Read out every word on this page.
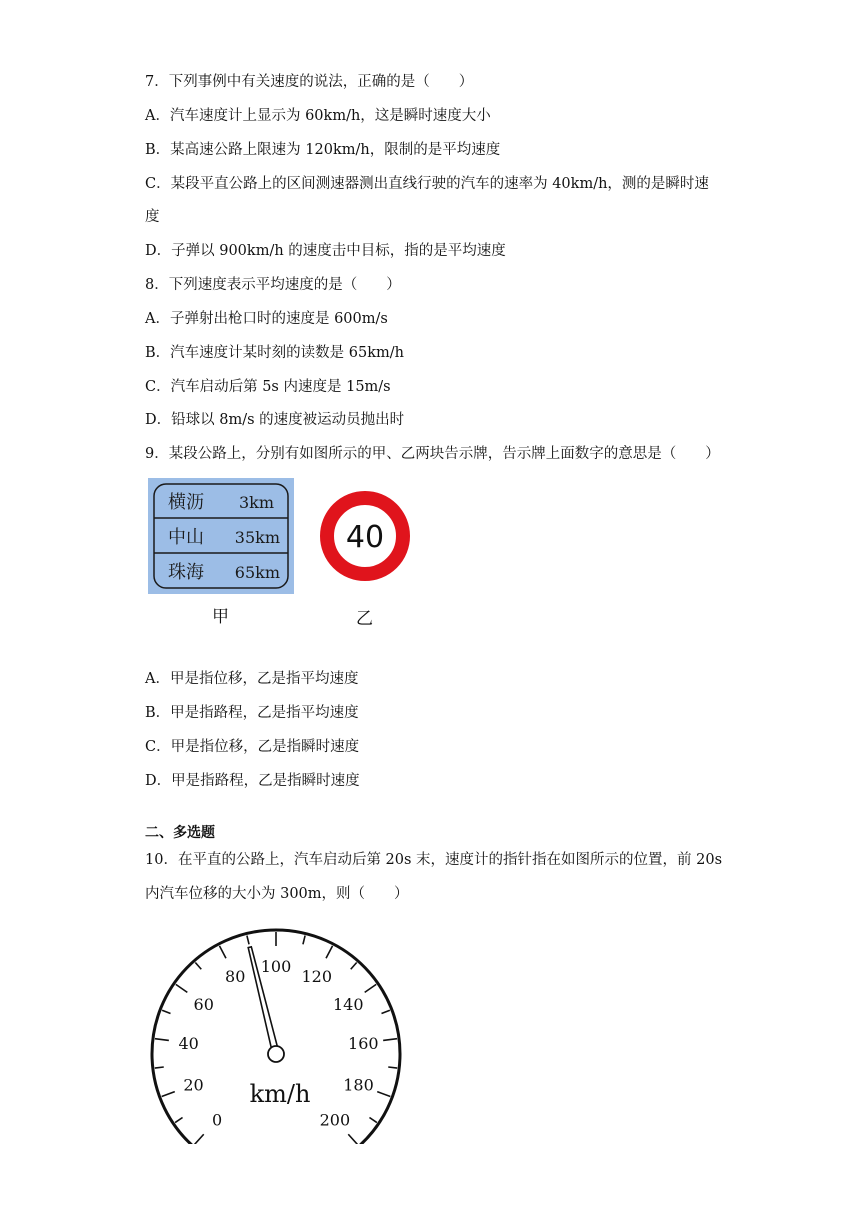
7．下列事例中有关速度的说法，正确的是（　　）
A．汽车速度计上显示为 60km/h，这是瞬时速度大小
B．某高速公路上限速为 120km/h，限制的是平均速度
C．某段平直公路上的区间测速器测出直线行驶的汽车的速率为 40km/h，测的是瞬时速
度
D．子弹以 900km/h 的速度击中目标，指的是平均速度
8．下列速度表示平均速度的是（　　）
A．子弹射出枪口时的速度是 600m/s
B．汽车速度计某时刻的读数是 65km/h
C．汽车启动后第 5s 内速度是 15m/s
D．铅球以 8m/s 的速度被运动员抛出时
9．某段公路上，分别有如图所示的甲、乙两块告示牌，告示牌上面数字的意思是（　　）
横沥 3km
中山 35km
珠海 65km
甲
40
乙
A．甲是指位移，乙是指平均速度
B．甲是指路程，乙是指平均速度
C．甲是指位移，乙是指瞬时速度
D．甲是指路程，乙是指瞬时速度
二、多选题
10．在平直的公路上，汽车启动后第 20s 末，速度计的指针指在如图所示的位置，前 20s
内汽车位移的大小为 300m，则（　　）
0
20
40
60
80
100
120
140
160
180
200
km/h
